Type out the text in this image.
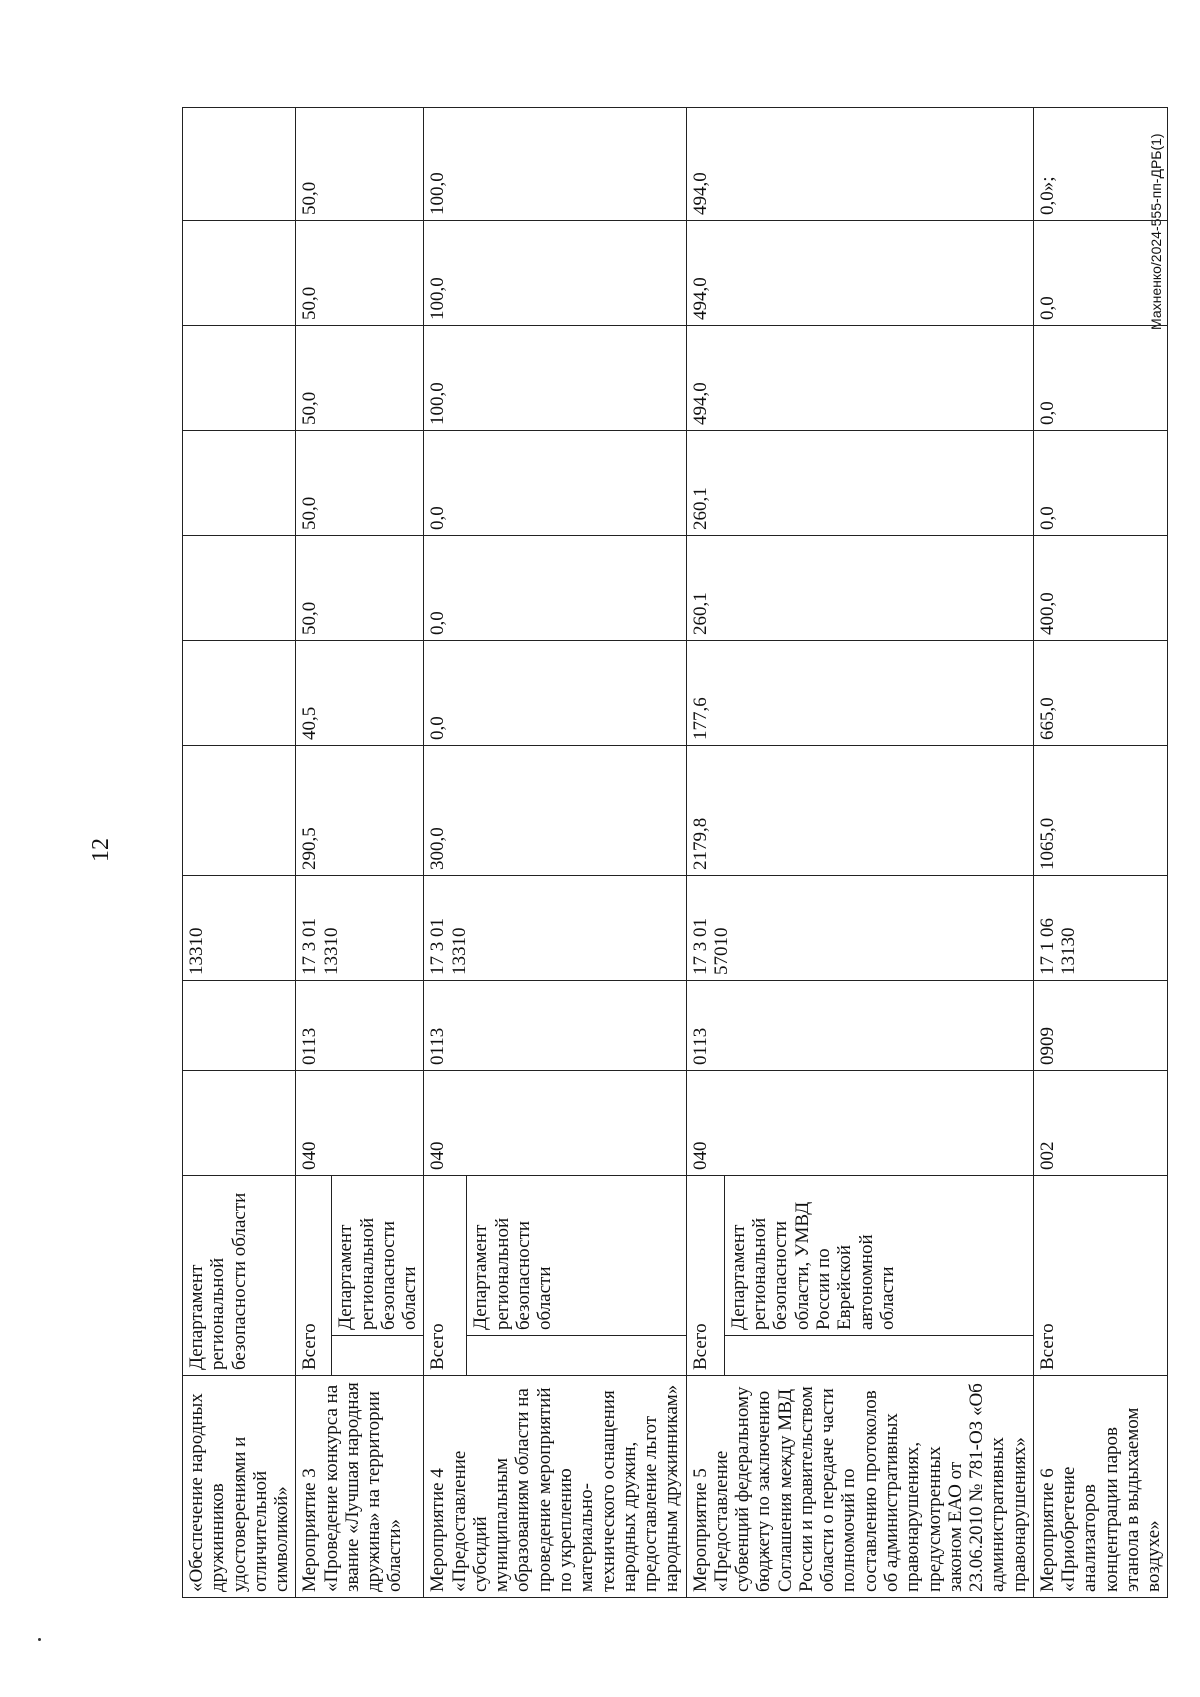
12
Махненко/2024-555-пп-ДРБ(1)
«Обеспечение народных дружинников удостоверениями и отличительной символикой»	Департамент региональной безопасности области				13310							
Мероприятие 3 «Проведение конкурса на звание «Лучшая народная дружина» на территории области»	Всего		040	0113	17 3 01 13310	290,5	40,5	50,0	50,0	50,0	50,0	50,0
		Департамент региональной безопасности области										
Мероприятие 4 «Предоставление субсидий муниципальным образованиям области на проведение мероприятий по укреплению материально-технического оснащения народных дружин, предоставление льгот народным дружинникам»	Всего		040	0113	17 3 01 13310	300,0	0,0	0,0	0,0	100,0	100,0	100,0
		Департамент региональной безопасности области										
Мероприятие 5 «Предоставление субвенций федеральному бюджету по заключению Соглашения между МВД России и правительством области о передаче части полномочий по составлению протоколов об административных правонарушениях, предусмотренных законом ЕАО от 23.06.2010 № 781-ОЗ «Об административных правонарушениях»	Всего		040	0113	17 3 01 57010	2179,8	177,6	260,1	260,1	494,0	494,0	494,0
		Департамент региональной безопасности области, УМВД России по Еврейской автономной области										
Мероприятие 6 «Приобретение анализаторов концентрации паров этанола в выдыхаемом воздухе»	Всего		002	0909	17 1 06 13130	1065,0	665,0	400,0	0,0	0,0	0,0	0,0»;
